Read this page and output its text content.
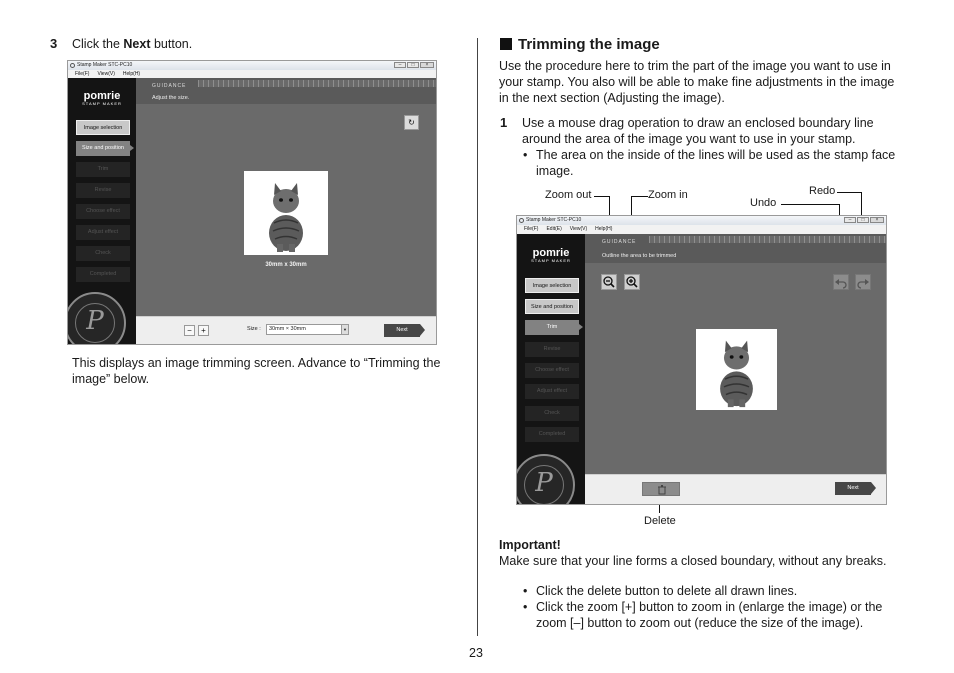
3 Click the Next button.
Stamp Maker STC-PC10	–	□	×
File(F) View(V) Help(H)
pomrie
STAMP MAKER
Image selection
Size and position
Trim
Revise
Choose effect
Adjust effect
Check
Completed
P
GUIDANCE
Adjust the size.
↻
30mm x 30mm
−	+	Size :	30mm × 30mm	▼	Next
This displays an image trimming screen. Advance to “Trimming the
image” below.
Trimming the image
Use the procedure here to trim the part of the image you want to use in
your stamp. You also will be able to make fine adjustments in the image
in the next section (Adjusting the image).
1 Use a mouse drag operation to draw an enclosed boundary line
around the area of the image you want to use in your stamp.
• The area on the inside of the lines will be used as the stamp face
image.
Zoom out	Zoom in
Undo
Redo
Stamp Maker STC-PC10	–	□	×
File(F) Edit(E) View(V) Help(H)
pomrie
STAMP MAKER
Image selection
Size and position
Trim
Revise
Choose effect
Adjust effect
Check
Completed
P
GUIDANCE
Outline the area to be trimmed
Next
Delete
Important!
Make sure that your line forms a closed boundary, without any breaks.
• Click the delete button to delete all drawn lines.
• Click the zoom [+] button to zoom in (enlarge the image) or the
zoom [–] button to zoom out (reduce the size of the image).
23
